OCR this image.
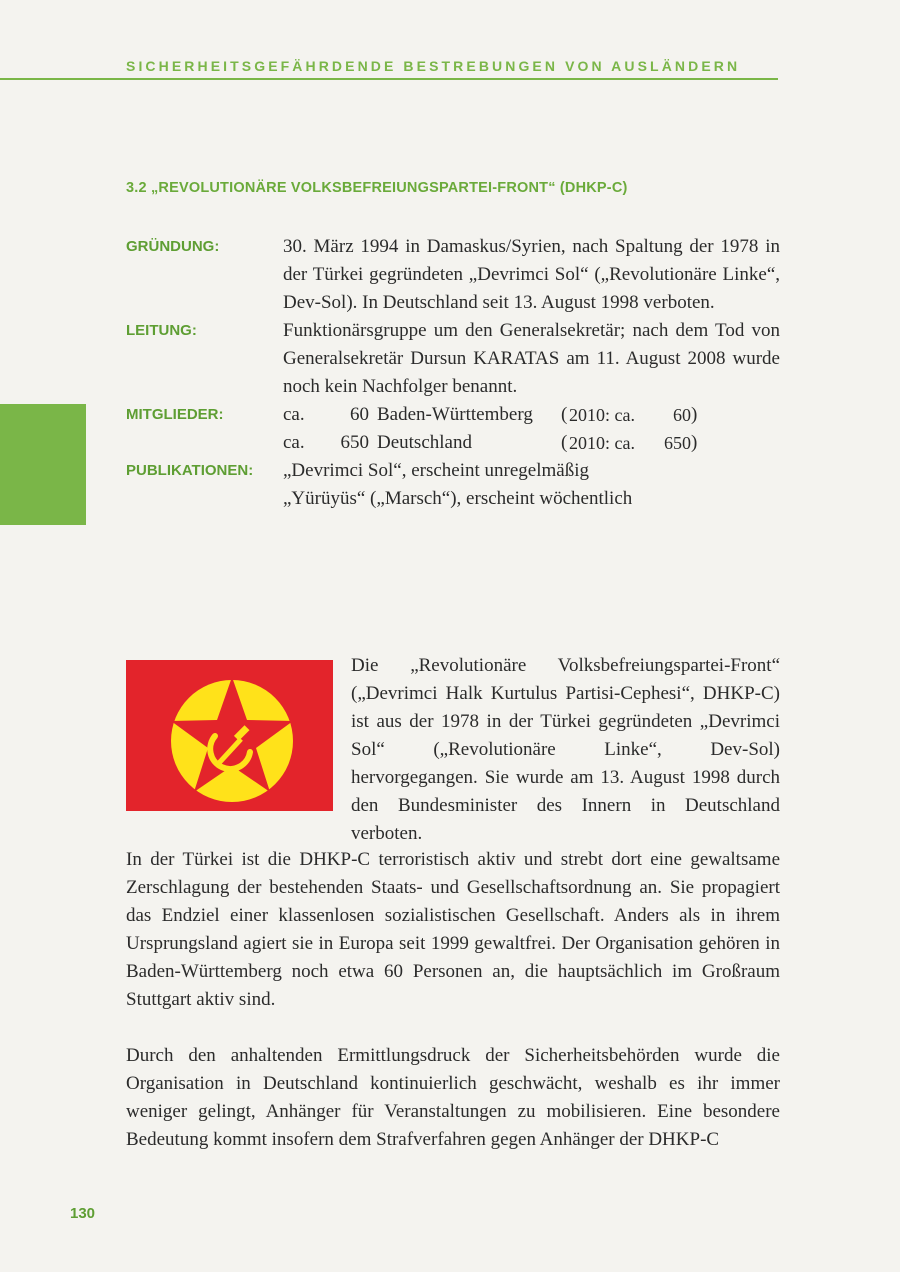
SICHERHEITSGEFÄHRDENDE BESTREBUNGEN VON AUSLÄNDERN
3.2 „REVOLUTIONÄRE VOLKSBEFREIUNGSPARTEI-FRONT“ (DHKP-C)
GRÜNDUNG:	30. März 1994 in Damaskus/Syrien, nach Spaltung der 1978 in der Türkei gegründeten „Devrimci Sol“ („Revolutionäre Linke“, Dev-Sol). In Deutschland seit 13. August 1998 verboten.
LEITUNG:	Funktionärsgruppe um den Generalsekretär; nach dem Tod von Generalsekretär Dursun KARATAS am 11. August 2008 wurde noch kein Nachfolger benannt.
MITGLIEDER:	ca.	60 Baden-Württemberg	( 2010: ca.	60 )
ca.	650 Deutschland	( 2010: ca.	650 )
PUBLIKATIONEN:	„Devrimci Sol“, erscheint unregelmäßig
„Yürüyüs“ („Marsch“), erscheint wöchentlich
Die „Revolutionäre Volksbefreiungspartei-Front“ („Devrimci Halk Kurtulus Partisi-Cephesi“, DHKP-C) ist aus der 1978 in der Türkei gegründeten „Devrimci Sol“ („Revolutionäre Linke“, Dev-Sol) hervorgegangen. Sie wurde am 13. August 1998 durch den Bundesminister des Innern in Deutschland verboten.
In der Türkei ist die DHKP-C terroristisch aktiv und strebt dort eine gewaltsame Zerschlagung der bestehenden Staats- und Gesellschaftsordnung an. Sie propagiert das Endziel einer klassenlosen sozialistischen Gesellschaft. Anders als in ihrem Ursprungsland agiert sie in Europa seit 1999 gewaltfrei. Der Organisation gehören in Baden-Württemberg noch etwa 60 Personen an, die hauptsächlich im Großraum Stuttgart aktiv sind.
Durch den anhaltenden Ermittlungsdruck der Sicherheitsbehörden wurde die Organisation in Deutschland kontinuierlich geschwächt, weshalb es ihr immer weniger gelingt, Anhänger für Veranstaltungen zu mobilisieren. Eine besondere Bedeutung kommt insofern dem Strafverfahren gegen Anhänger der DHKP-C
130
